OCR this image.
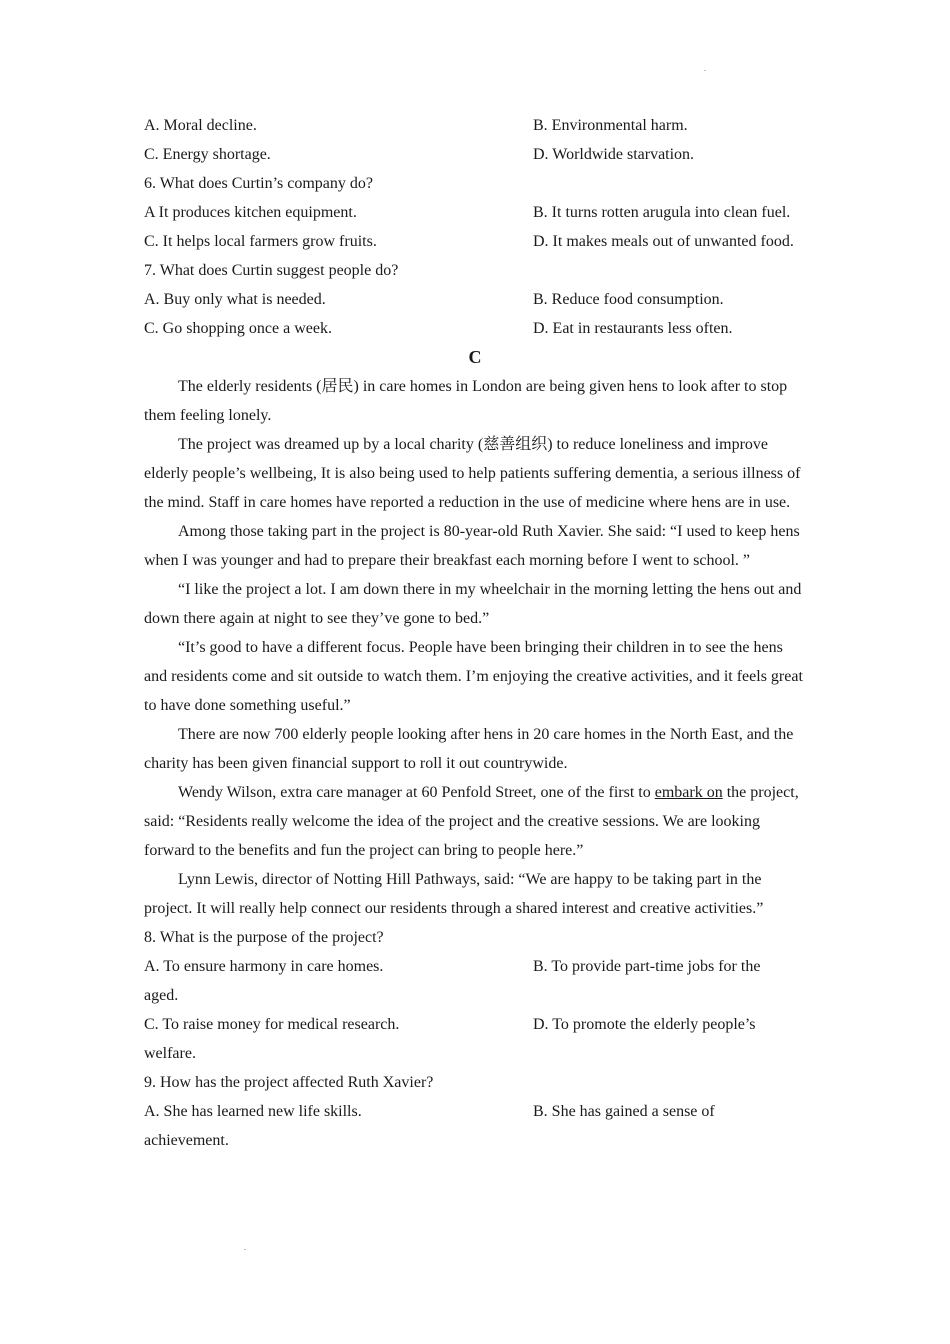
A. Moral decline.	B. Environmental harm.
C. Energy shortage.	D. Worldwide starvation.
6. What does Curtin’s company do?
A It produces kitchen equipment.	B. It turns rotten arugula into clean fuel.
C. It helps local farmers grow fruits.	D. It makes meals out of unwanted food.
7. What does Curtin suggest people do?
A. Buy only what is needed.	B. Reduce food consumption.
C. Go shopping once a week.	D. Eat in restaurants less often.
C

The elderly residents (居民) in care homes in London are being given hens to look after to stop them feeling lonely.

The project was dreamed up by a local charity (慈善组织) to reduce loneliness and improve elderly people’s wellbeing, It is also being used to help patients suffering dementia, a serious illness of the mind. Staff in care homes have reported a reduction in the use of medicine where hens are in use.

Among those taking part in the project is 80-year-old Ruth Xavier. She said: “I used to keep hens when I was younger and had to prepare their breakfast each morning before I went to school. ”

“I like the project a lot. I am down there in my wheelchair in the morning letting the hens out and down there again at night to see they’ve gone to bed.”

“It’s good to have a different focus. People have been bringing their children in to see the hens and residents come and sit outside to watch them. I’m enjoying the creative activities, and it feels great to have done something useful.”

There are now 700 elderly people looking after hens in 20 care homes in the North East, and the charity has been given financial support to roll it out countrywide.

Wendy Wilson, extra care manager at 60 Penfold Street, one of the first to embark on the project, said: “Residents really welcome the idea of the project and the creative sessions. We are looking forward to the benefits and fun the project can bring to people here.”

Lynn Lewis, director of Notting Hill Pathways, said: “We are happy to be taking part in the project. It will really help connect our residents through a shared interest and creative activities.”

8. What is the purpose of the project?
A. To ensure harmony in care homes.	B. To provide part-time jobs for the
aged.
C. To raise money for medical research.	D. To promote the elderly people’s
welfare.
9. How has the project affected Ruth Xavier?
A. She has learned new life skills.	B. She has gained a sense of
achievement.
